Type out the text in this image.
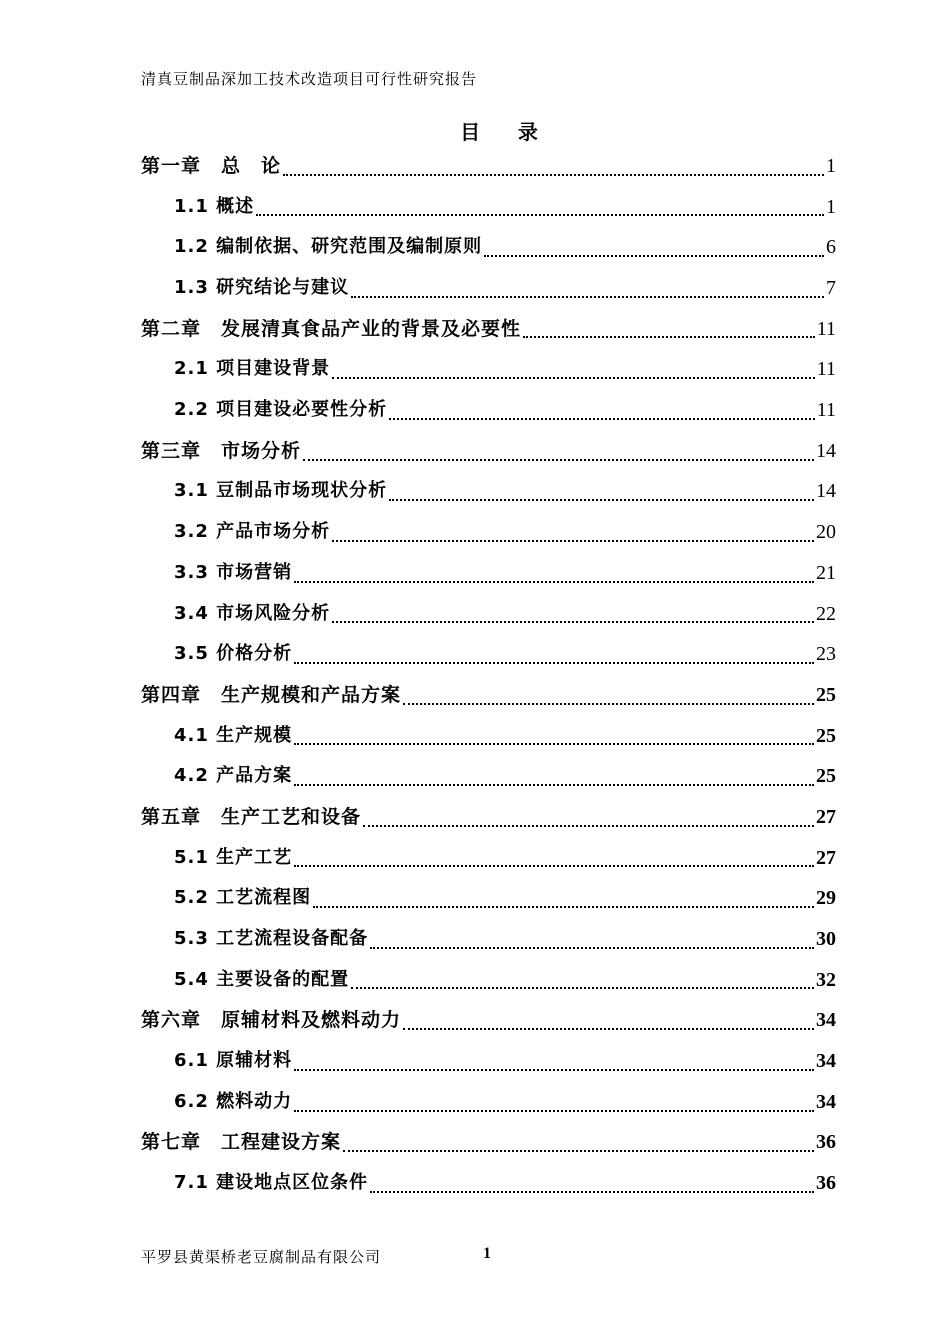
清真豆制品深加工技术改造项目可行性研究报告
目    录
第一章　总　论	1
1.1 概述	1
1.2 编制依据、研究范围及编制原则	6
1.3 研究结论与建议	7
第二章　发展清真食品产业的背景及必要性	11
2.1 项目建设背景	11
2.2 项目建设必要性分析	11
第三章　市场分析	14
3.1 豆制品市场现状分析	14
3.2 产品市场分析	20
3.3 市场营销	21
3.4 市场风险分析	22
3.5 价格分析	23
第四章　生产规模和产品方案	25
4.1 生产规模	25
4.2 产品方案	25
第五章　生产工艺和设备	27
5.1 生产工艺	27
5.2 工艺流程图	29
5.3 工艺流程设备配备	30
5.4 主要设备的配置	32
第六章　原辅材料及燃料动力	34
6.1 原辅材料	34
6.2 燃料动力	34
第七章　工程建设方案	36
7.1 建设地点区位条件	36
平罗县黄渠桥老豆腐制品有限公司	1
